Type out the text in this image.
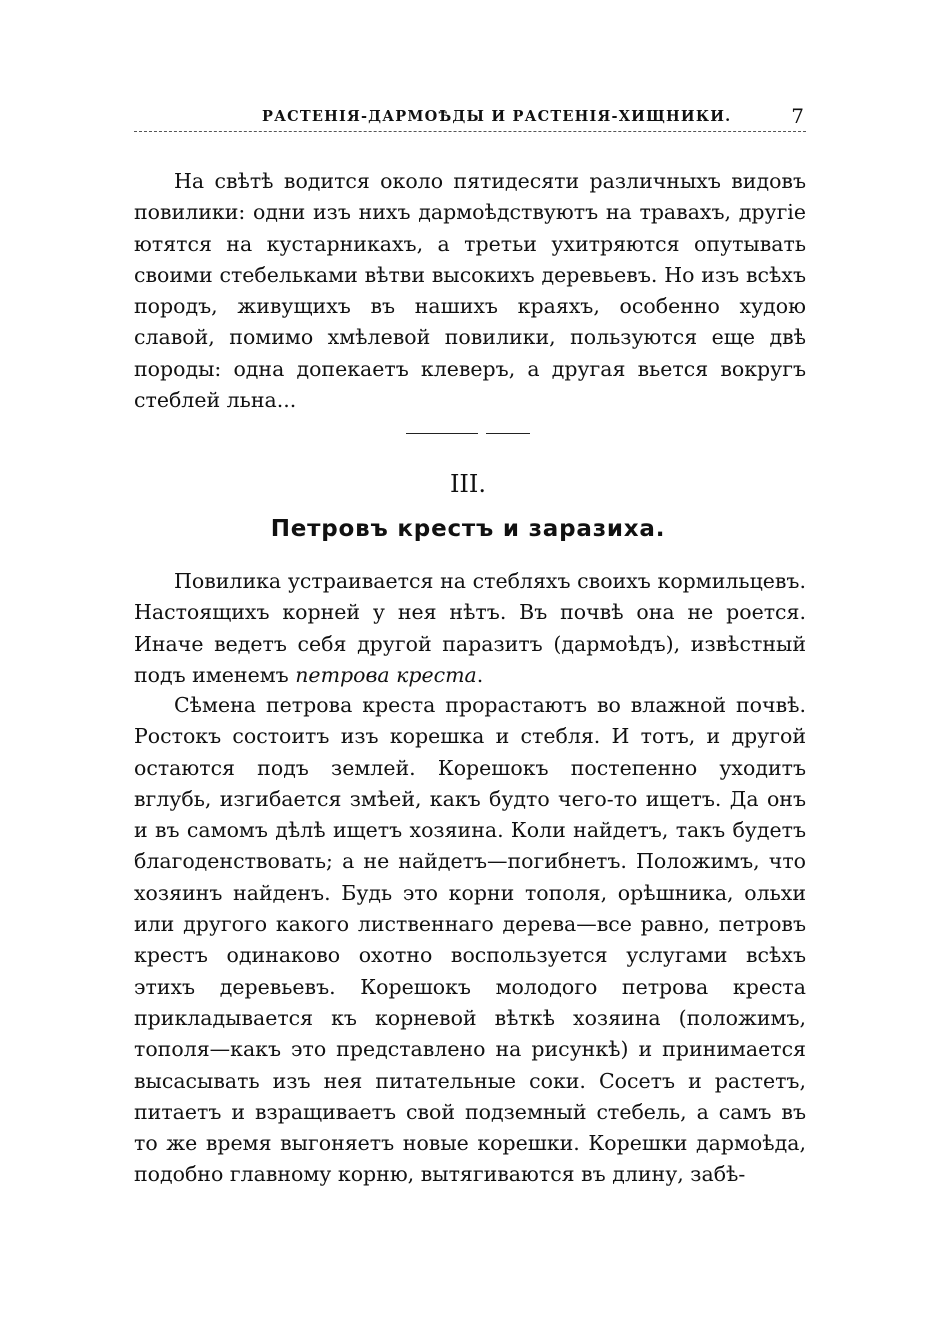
РАСТЕНІЯ-ДАРМОѢДЫ И РАСТЕНІЯ-ХИЩНИКИ.	7

На свѣтѣ водится около пятидесяти различныхъ видовъ повилики: одни изъ нихъ дармоѣдствуютъ на травахъ, другіе ютятся на кустарникахъ, а третьи ухитряются опутывать своими стебельками вѣтви высокихъ деревьевъ. Но изъ всѣхъ породъ, живущихъ въ нашихъ краяхъ, особенно худою славой, помимо хмѣлевой повилики, пользуются еще двѣ породы: одна допекаетъ клеверъ, а другая вьется вокругъ стеблей льна...

III.
Петровъ крестъ и заразиха.

Повилика устраивается на стебляхъ своихъ кормильцевъ. Настоящихъ корней у нея нѣтъ. Въ почвѣ она не роется. Иначе ведетъ себя другой паразитъ (дармоѣдъ), извѣстный подъ именемъ петрова креста.

Сѣмена петрова креста прорастаютъ во влажной почвѣ. Ростокъ состоитъ изъ корешка и стебля. И тотъ, и другой остаются подъ землей. Корешокъ постепенно уходитъ вглубь, изгибается змѣей, какъ будто чего-то ищетъ. Да онъ и въ самомъ дѣлѣ ищетъ хозяина. Коли найдетъ, такъ будетъ благоденствовать; а не найдетъ—погибнетъ. Положимъ, что хозяинъ найденъ. Будь это корни тополя, орѣшника, ольхи или другого какого лиственнаго дерева—все равно, петровъ крестъ одинаково охотно воспользуется услугами всѣхъ этихъ деревьевъ. Корешокъ молодого петрова креста прикладывается къ корневой вѣткѣ хозяина (положимъ, тополя—какъ это представлено на рисункѣ) и принимается высасывать изъ нея питательные соки. Сосетъ и растетъ, питаетъ и взращиваетъ свой подземный стебель, а самъ въ то же время выгоняетъ новые корешки. Корешки дармоѣда, подобно главному корню, вытягиваются въ длину, забѣ-
